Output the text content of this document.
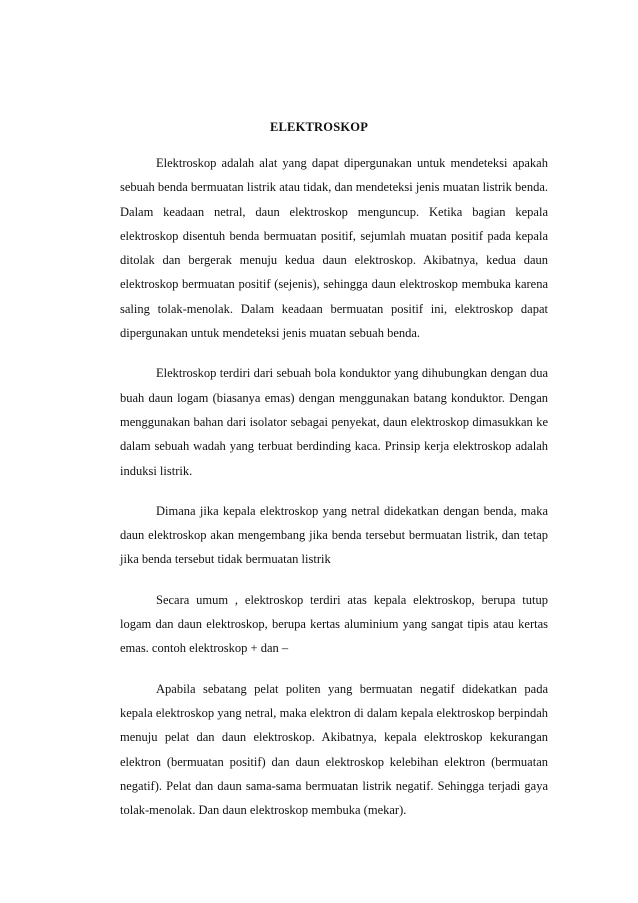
ELEKTROSKOP

Elektroskop adalah alat yang dapat dipergunakan untuk mendeteksi apakah sebuah benda bermuatan listrik atau tidak, dan mendeteksi jenis muatan listrik benda. Dalam keadaan netral, daun elektroskop menguncup. Ketika bagian kepala elektroskop disentuh benda bermuatan positif, sejumlah muatan positif pada kepala ditolak dan bergerak menuju kedua daun elektroskop. Akibatnya, kedua daun elektroskop bermuatan positif (sejenis), sehingga daun elektroskop membuka karena saling tolak-menolak. Dalam keadaan bermuatan positif ini, elektroskop dapat dipergunakan untuk mendeteksi jenis muatan sebuah benda.

Elektroskop terdiri dari sebuah bola konduktor yang dihubungkan dengan dua buah daun logam (biasanya emas) dengan menggunakan batang konduktor. Dengan menggunakan bahan dari isolator sebagai penyekat, daun elektroskop dimasukkan ke dalam sebuah wadah yang terbuat berdinding kaca. Prinsip kerja elektroskop adalah induksi listrik.

Dimana jika kepala elektroskop yang netral didekatkan dengan benda, maka daun elektroskop akan mengembang jika benda tersebut bermuatan listrik, dan tetap jika benda tersebut tidak bermuatan listrik

Secara umum , elektroskop terdiri atas kepala elektroskop, berupa tutup logam dan daun elektroskop, berupa kertas aluminium yang sangat tipis atau kertas emas. contoh elektroskop + dan –

Apabila sebatang pelat politen yang bermuatan negatif didekatkan pada kepala elektroskop yang netral, maka elektron di dalam kepala elektroskop berpindah menuju pelat dan daun elektroskop. Akibatnya, kepala elektroskop kekurangan elektron (bermuatan positif) dan daun elektroskop kelebihan elektron (bermuatan negatif). Pelat dan daun sama-sama bermuatan listrik negatif. Sehingga terjadi gaya tolak-menolak. Dan daun elektroskop membuka (mekar).
